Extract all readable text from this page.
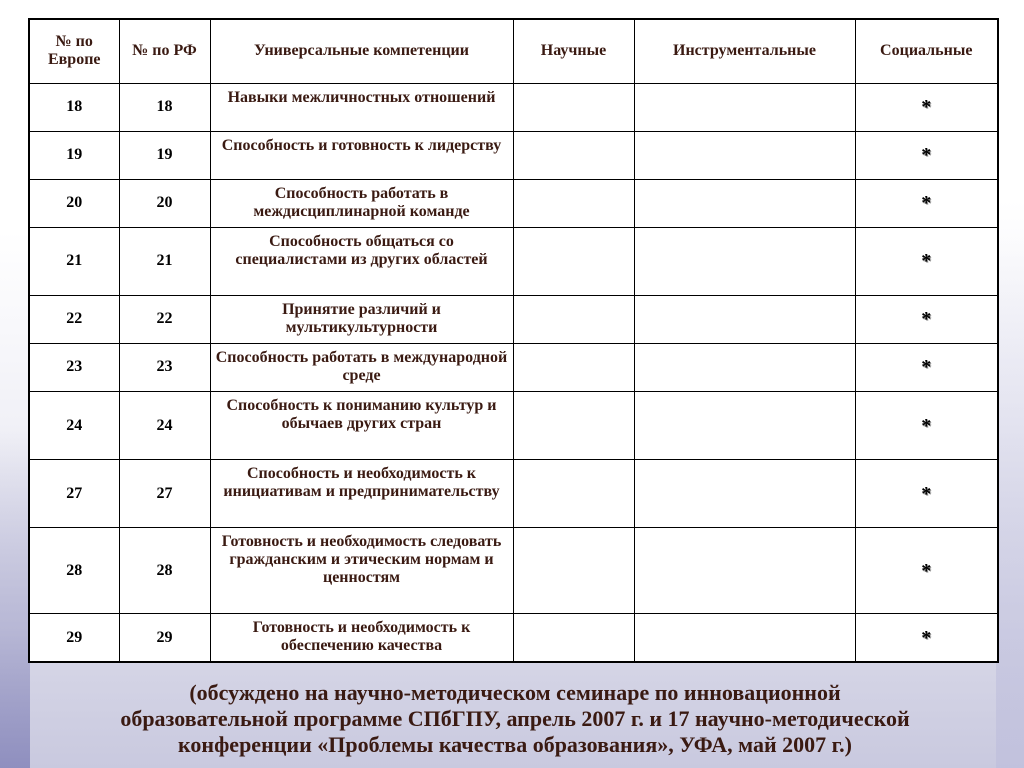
№ по Европе	№ по РФ	Универсальные компетенции	Научные	Инструментальные	Социальные
18	18	Навыки межличностных отношений			*
19	19	Способность и готовность к лидерству			*
20	20	Способность работать в междисциплинарной команде			*
21	21	Способность общаться со специалистами из других областей			*
22	22	Принятие различий и мультикультурности			*
23	23	Способность работать в международной среде			*
24	24	Способность к пониманию культур и обычаев других стран			*
27	27	Способность и необходимость к инициативам и предпринимательству			*
28	28	Готовность и необходимость следовать гражданским и этическим нормам и ценностям			*
29	29	Готовность и необходимость к обеспечению качества			*
(обсуждено на научно-методическом семинаре по инновационной
образовательной программе СПбГПУ, апрель 2007 г. и 17 научно-методической
конференции «Проблемы качества образования», УФА, май 2007 г.)
